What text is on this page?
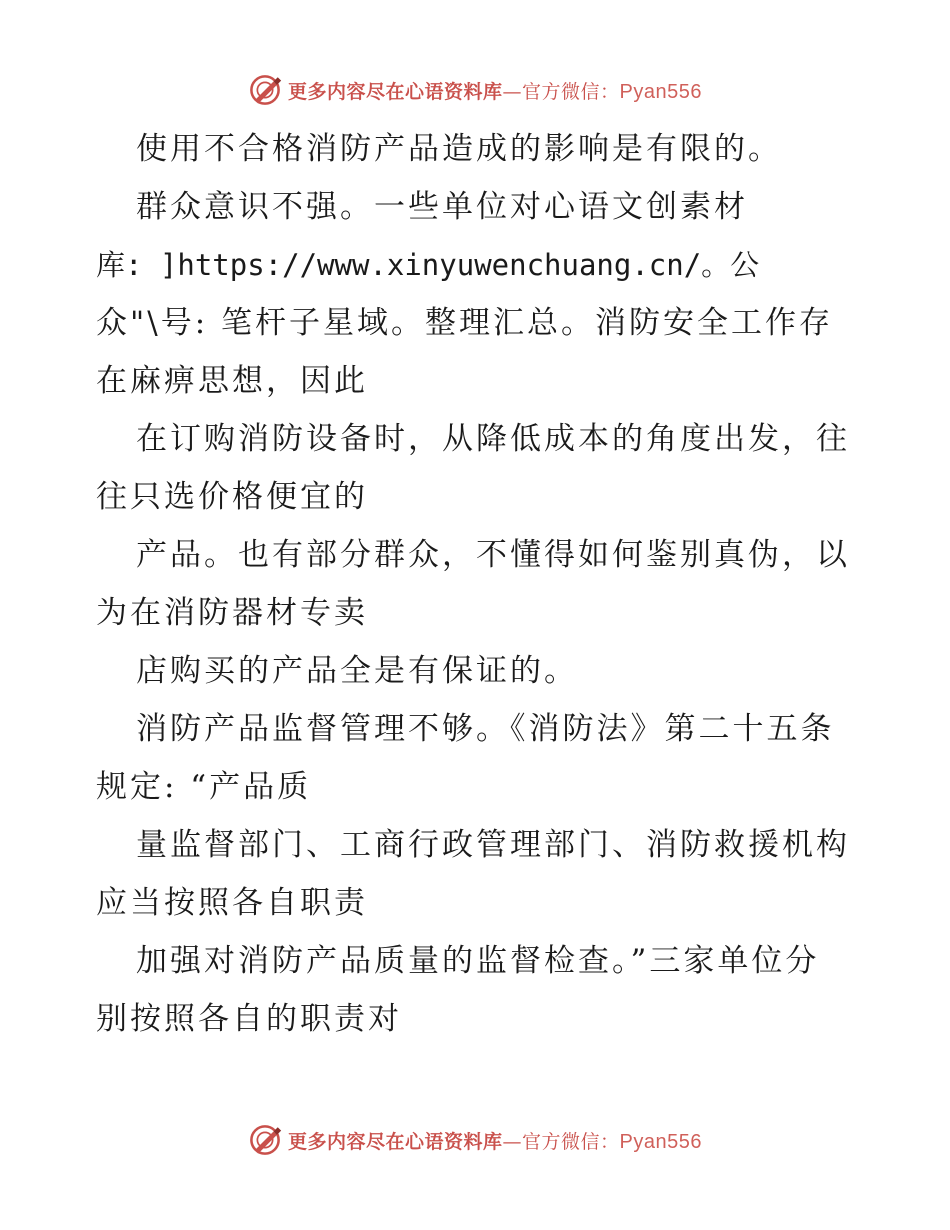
更多内容尽在心语资料库—官方微信：Pyan556
使用不合格消防产品造成的影响是有限的。
群众意识不强。一些单位对心语文创素材
库: ]https://www.xinyuwenchuang.cn/。公
众"\号: 笔杆子星域。整理汇总。消防安全工作存
在麻痹思想，因此
在订购消防设备时，从降低成本的角度出发，往
往只选价格便宜的
产品。也有部分群众，不懂得如何鉴别真伪，以
为在消防器材专卖
店购买的产品全是有保证的。
消防产品监督管理不够。《消防法》第二十五条
规定: “产品质
量监督部门、工商行政管理部门、消防救援机构
应当按照各自职责
加强对消防产品质量的监督检查。”三家单位分
别按照各自的职责对
更多内容尽在心语资料库—官方微信：Pyan556
